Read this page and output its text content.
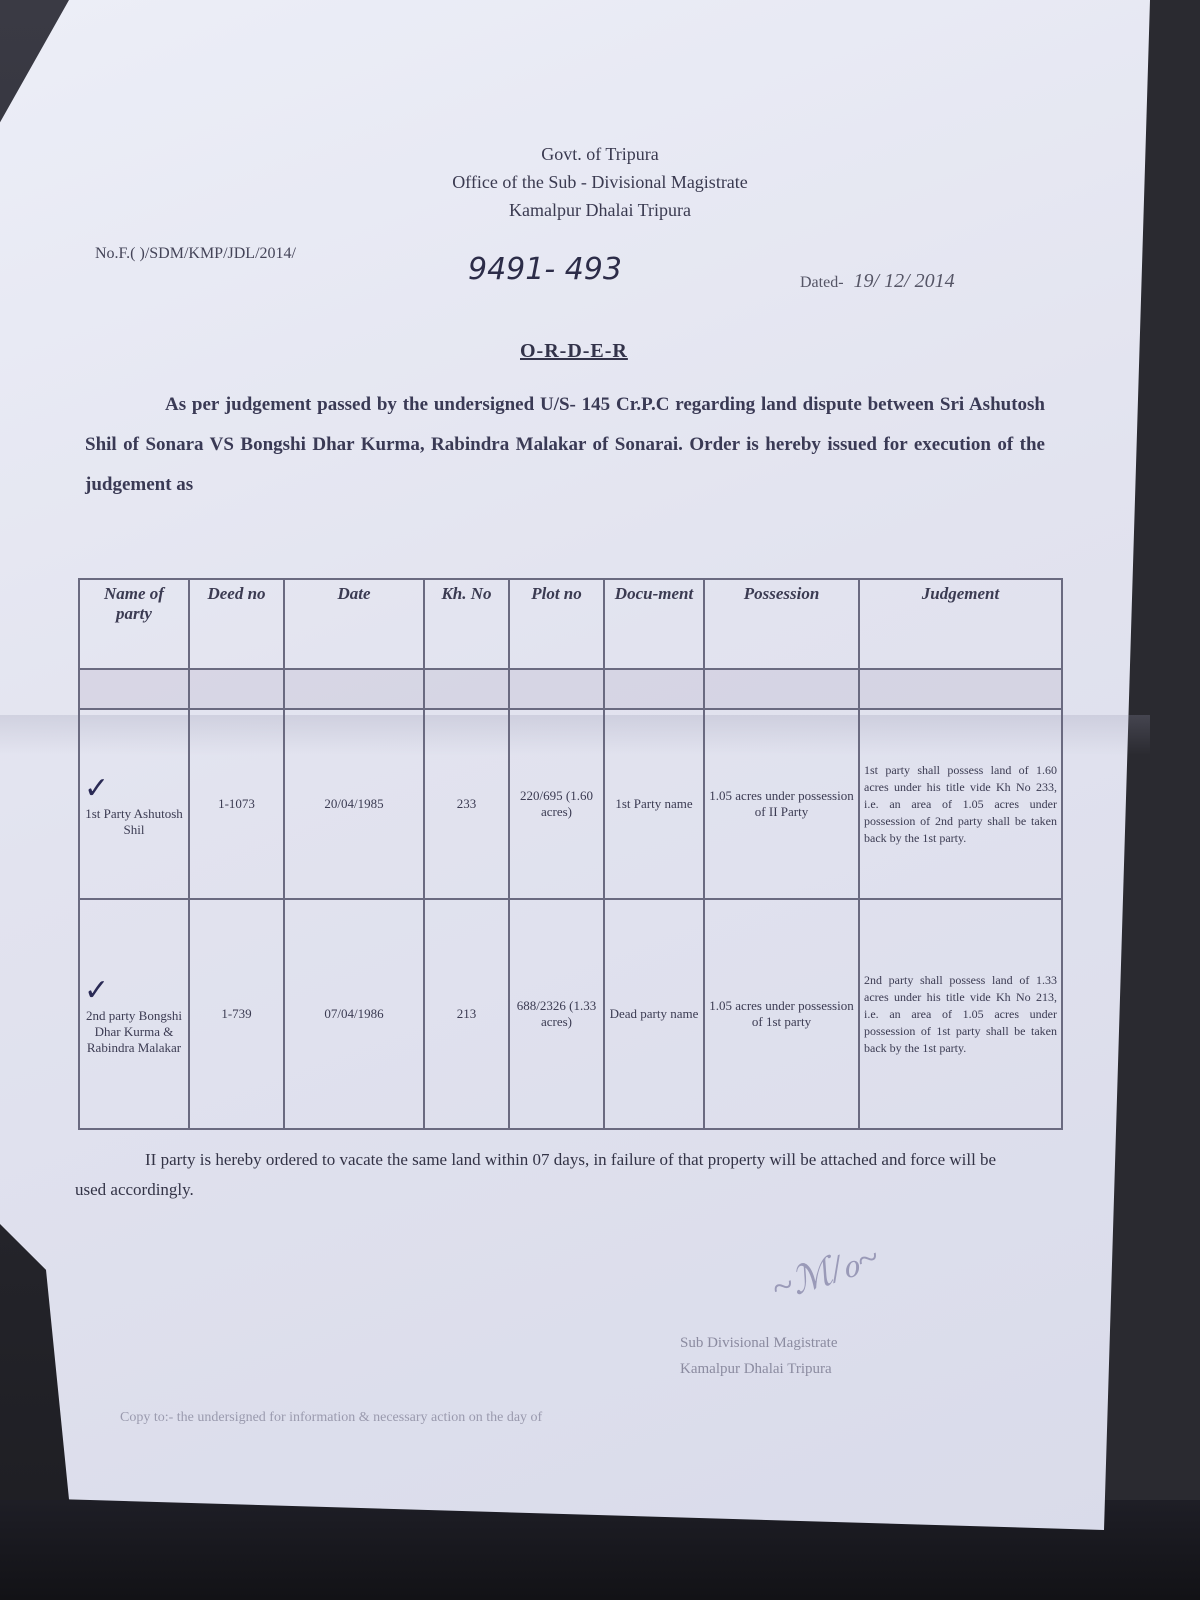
Govt. of Tripura
Office of the Sub - Divisional Magistrate
Kamalpur Dhalai Tripura
No.F.( )/SDM/KMP/JDL/2014/	9491- 493	Dated- 19/ 12/ 2014
O-R-D-E-R
As per judgement passed by the undersigned U/S- 145 Cr.P.C regarding land dispute between Sri Ashutosh Shil of Sonara VS Bongshi Dhar Kurma, Rabindra Malakar of Sonarai. Order is hereby issued for execution of the judgement as
Name of party	Deed no	Date	Kh. No	Plot no	Docu-ment	Possession	Judgement

✓
1st Party Ashutosh Shil	1-1073	20/04/1985	233	220/695 (1.60 acres)	1st Party name	1.05 acres under possession of II Party	1st party shall possess land of 1.60 acres under his title vide Kh No 233, i.e. an area of 1.05 acres under possession of 2nd party shall be taken back by the 1st party.

✓
2nd party Bongshi Dhar Kurma & Rabindra Malakar	1-739	07/04/1986	213	688/2326 (1.33 acres)	Dead party name	1.05 acres under possession of 1st party	2nd party shall possess land of 1.33 acres under his title vide Kh No 213, i.e. an area of 1.05 acres under possession of 1st party shall be taken back by the 1st party.
II party is hereby ordered to vacate the same land within 07 days, in failure of that property will be attached and force will be used accordingly.
~ℳ/ℴ~
Sub Divisional Magistrate
Kamalpur Dhalai Tripura
Copy to:- the undersigned for information & necessary action on the day of
